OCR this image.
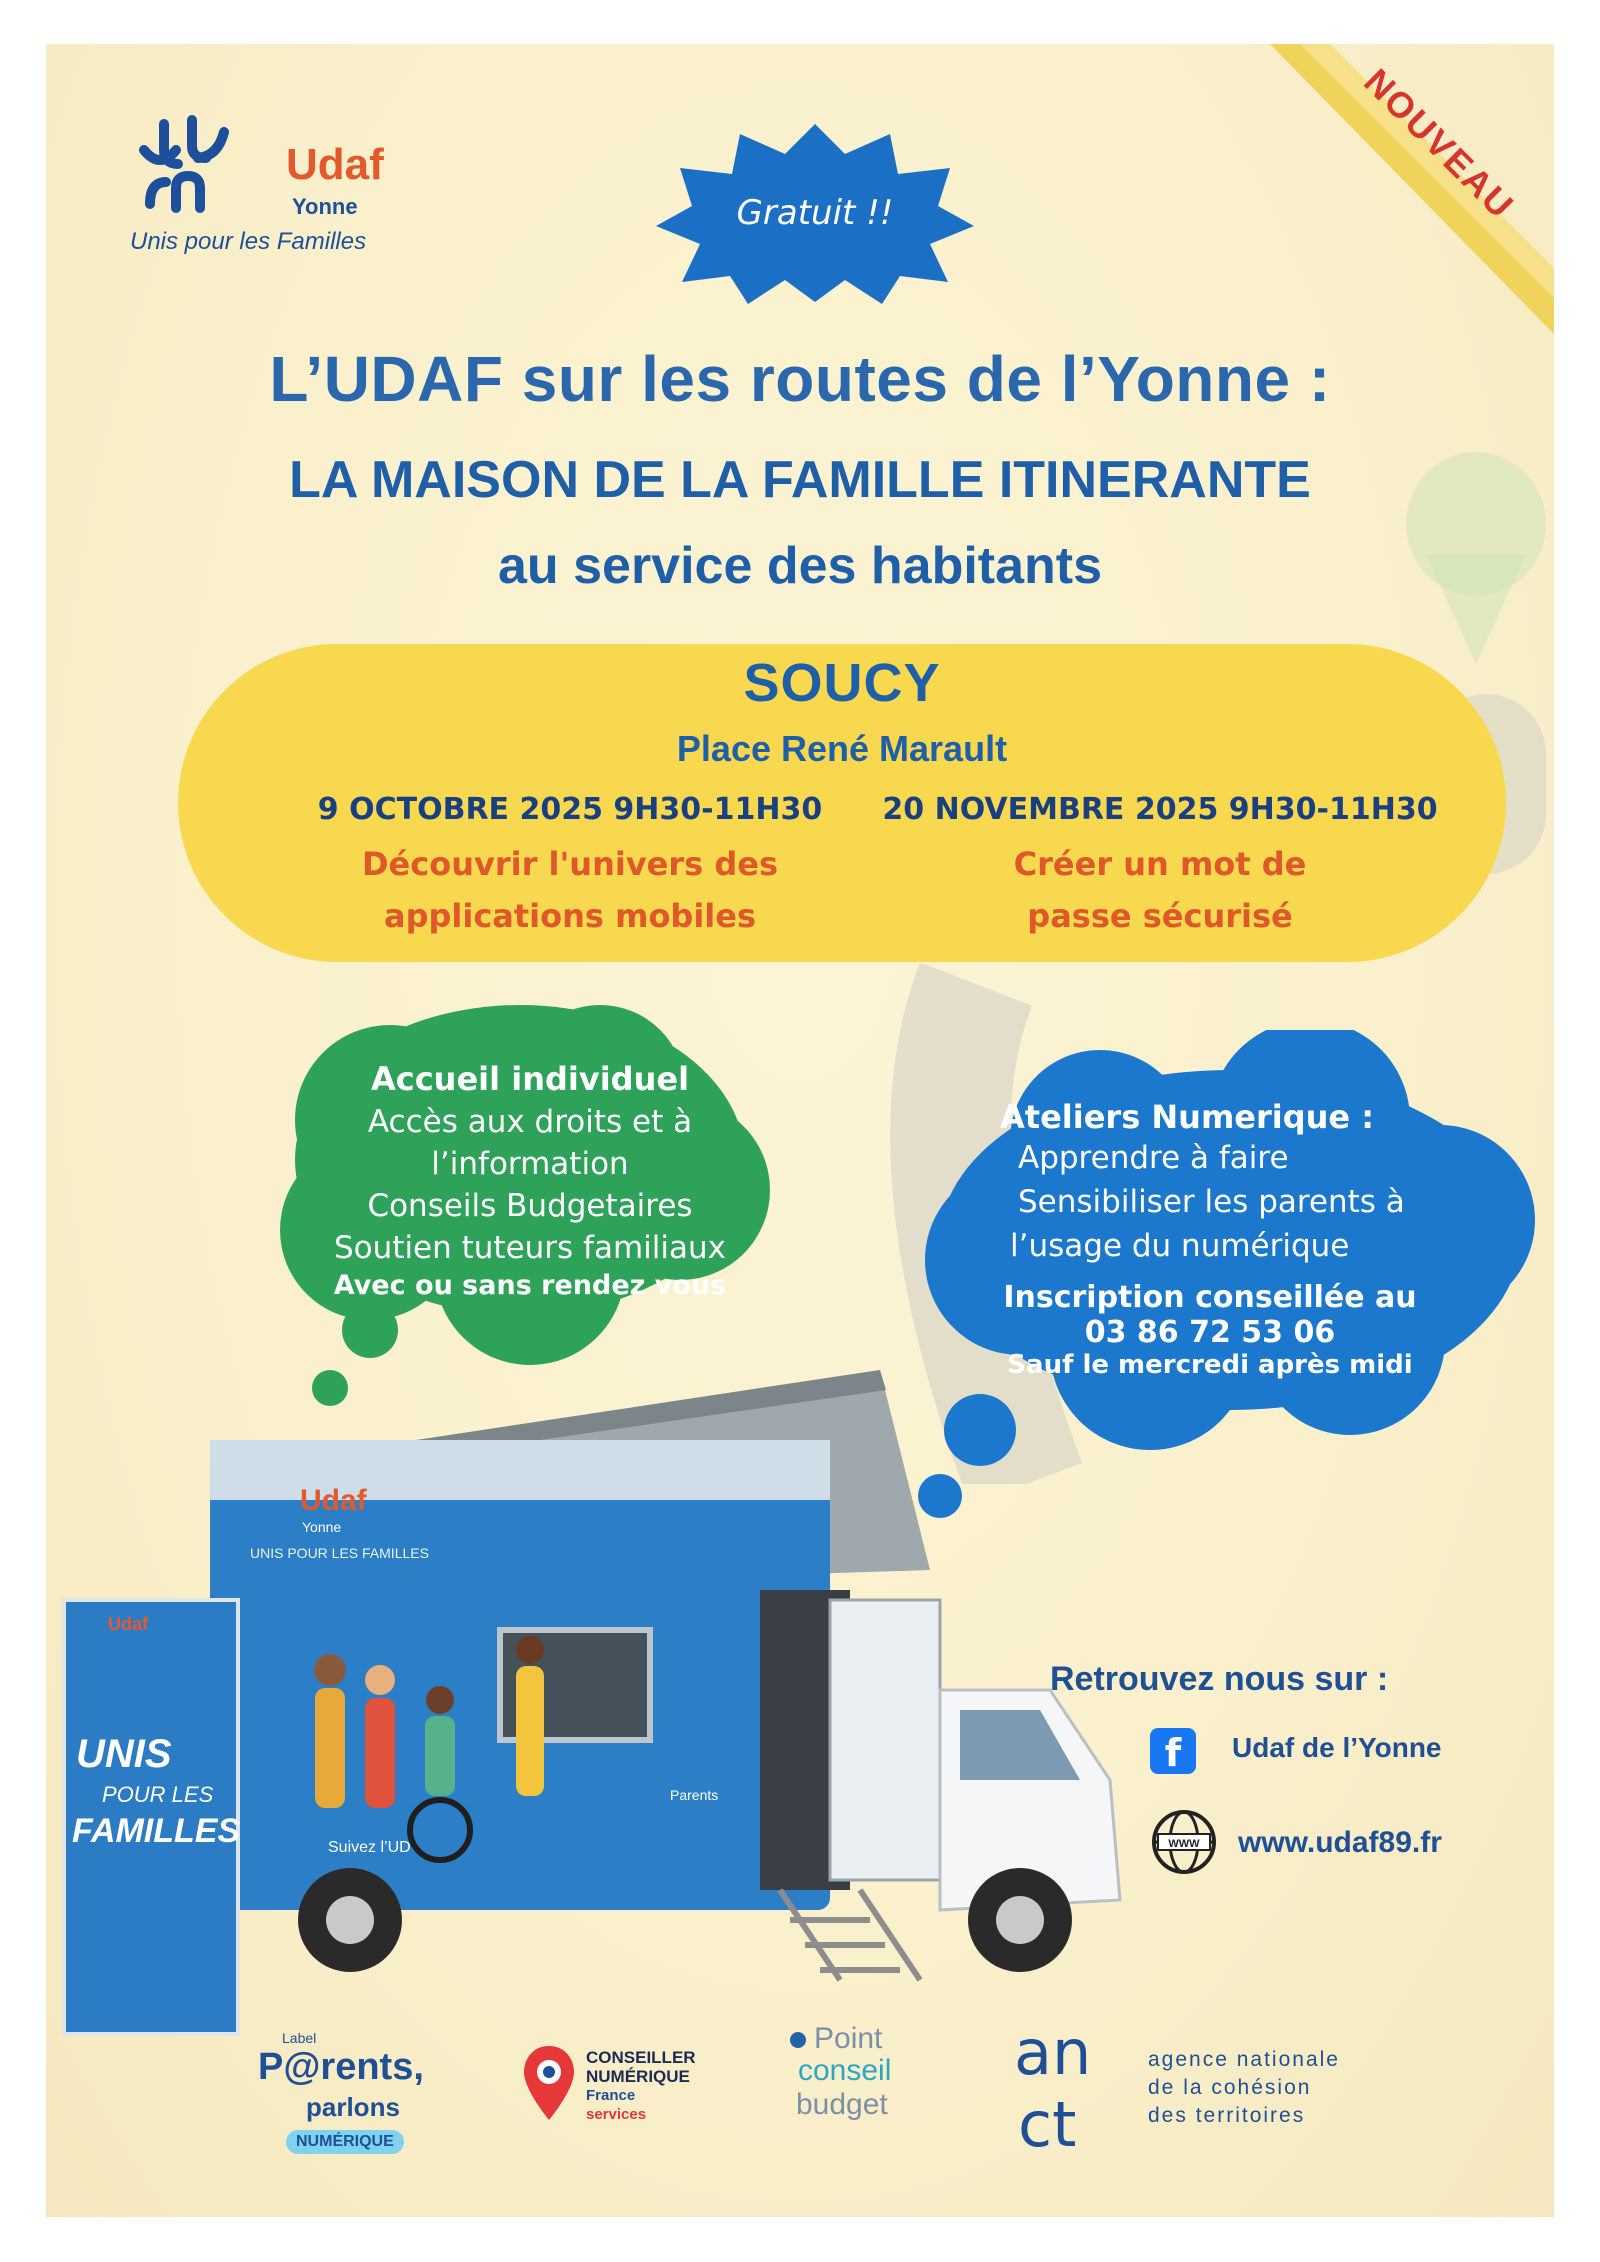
NOUVEAU
Udaf
Yonne
Unis pour les Familles
Gratuit !!
L’UDAF sur les routes de l’Yonne :
LA MAISON DE LA FAMILLE ITINERANTE
au service des habitants
SOUCY
Place René Marault
9 OCTOBRE 2025 9H30-11H30
Découvrir l'univers des
applications mobiles
20 NOVEMBRE 2025 9H30-11H30
Créer un mot de
passe sécurisé
Accueil individuel
Accès aux droits et à
l’information
Conseils Budgetaires
Soutien tuteurs familiaux
Avec ou sans rendez vous
Ateliers Numerique :
Apprendre à faire
Sensibiliser les parents à
l’usage du numérique
Inscription conseillée au
03 86 72 53 06
Sauf le mercredi après midi
Udaf
Yonne
UNIS POUR LES FAMILLES
Suivez l’UD
Parents
Udaf
UNIS
POUR LES
FAMILLES
Retrouvez nous sur :
f	Udaf de l’Yonne
WWW www.udaf89.fr
Label
P@rents,
parlons
NUMÉRIQUE
CONSEILLER
NUMÉRIQUE
France
services
Point
conseil
budget
an
ct
agence nationale
de la cohésion
des territoires
